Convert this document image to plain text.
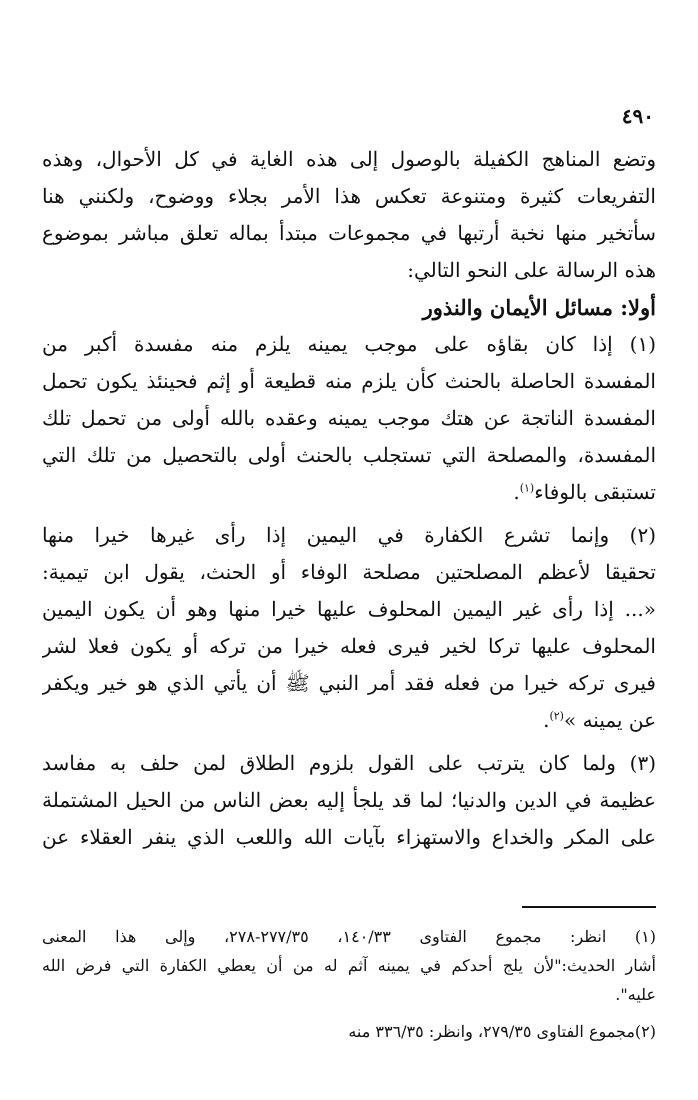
٤٩٠
وتضع المناهج الكفيلة بالوصول إلى هذه الغاية في كل الأحوال، وهذه
التفريعات كثيرة ومتنوعة تعكس هذا الأمر بجلاء ووضوح، ولكنني هنا
سأتخير منها نخبة أرتبها في مجموعات مبتدأ بماله تعلق مباشر بموضوع
هذه الرسالة على النحو التالي:
أولا: مسائل الأيمان والنذور
(١) إذا كان بقاؤه على موجب يمينه يلزم منه مفسدة أكبر من
المفسدة الحاصلة بالحنث كأن يلزم منه قطيعة أو إثم فحينئذ يكون تحمل
المفسدة الناتجة عن هتك موجب يمينه وعقده بالله أولى من تحمل تلك
المفسدة، والمصلحة التي تستجلب بالحنث أولى بالتحصيل من تلك التي
تستبقى بالوفاء$^{(١)}$.
(٢) وإنما تشرع الكفارة في اليمين إذا رأى غيرها خيرا منها
تحقيقا لأعظم المصلحتين مصلحة الوفاء أو الحنث، يقول ابن تيمية:
«... إذا رأى غير اليمين المحلوف عليها خيرا منها وهو أن يكون اليمين
المحلوف عليها تركا لخير فيرى فعله خيرا من تركه أو يكون فعلا لشر
فيرى تركه خيرا من فعله فقد أمر النبي ﷺ أن يأتي الذي هو خير ويكفر
عن يمينه »$^{(٢)}$.
(٣) ولما كان يترتب على القول بلزوم الطلاق لمن حلف به مفاسد
عظيمة في الدين والدنيا؛ لما قد يلجأ إليه بعض الناس من الحيل المشتملة
على المكر والخداع والاستهزاء بآيات الله واللعب الذي ينفر العقلاء عن
(١) انظر: مجموع الفتاوى ١٤٠/٣٣، ٢٧٧/٣٥-٢٧٨، وإلى هذا المعنى
أشار الحديث:"لأن يلج أحدكم في يمينه آثم له من أن يعطي الكفارة التي فرض الله
عليه".
(٢)مجموع الفتاوى ٢٧٩/٣٥، وانظر: ٣٣٦/٣٥ منه
